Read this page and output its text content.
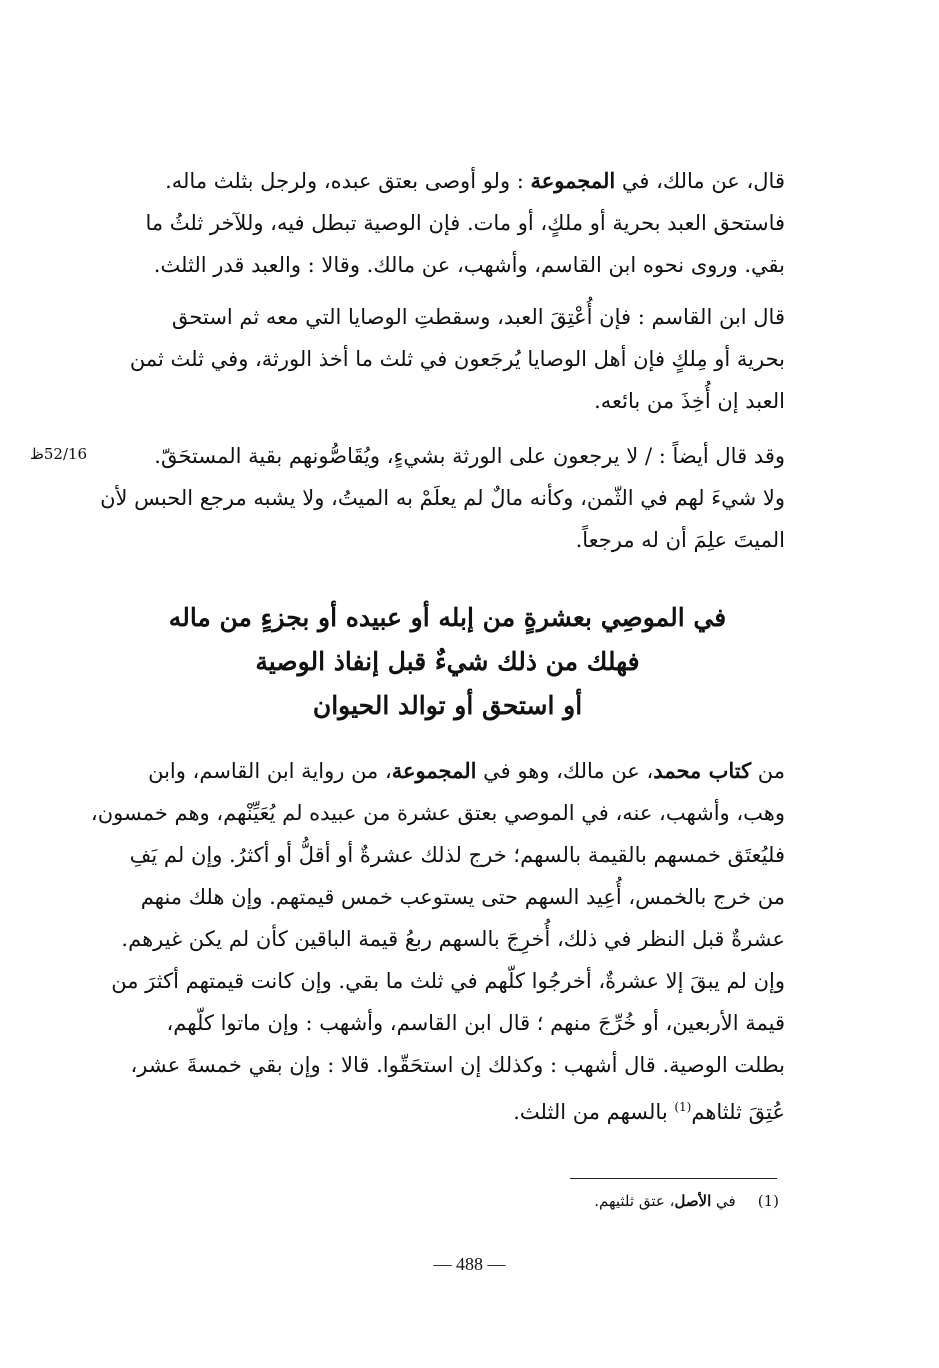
قال، عن مالك، في المجموعة : ولو أوصى بعتق عبده، ولرجل بثلث ماله.
فاستحق العبد بحرية أو ملكٍ، أو مات. فإن الوصية تبطل فيه، وللآخر ثلثُ ما
بقي. وروى نحوه ابن القاسم، وأشهب، عن مالك. وقالا : والعبد قدر الثلث.

قال ابن القاسم : فإن أُعْتِقَ العبد، وسقطتِ الوصايا التي معه ثم استحق
بحرية أو مِلكٍ فإن أهل الوصايا يُرجَعون في ثلث ما أخذ الورثة، وفي ثلث ثمن
العبد إن أُخِذَ من بائعه.

52/16ظ	وقد قال أيضاً : / لا يرجعون على الورثة بشيءٍ، ويُقَاصُّونهم بقية المستحَقّ.
ولا شيءَ لهم في الثّمن، وكأنه مالٌ لم يعلَمْ به الميتُ، ولا يشبه مرجع الحبس لأن
الميتَ علِمَ أن له مرجعاً.

في الموصِي بعشرةٍ من إبله أو عبيده أو بجزءٍ من ماله
فهلك من ذلك شيءٌ قبل إنفاذ الوصية
أو استحق أو توالد الحيوان

من كتاب محمد، عن مالك، وهو في المجموعة، من رواية ابن القاسم، وابن
وهب، وأشهب، عنه، في الموصي بعتق عشرة من عبيده لم يُعَيِّنْهم، وهم خمسون،
فليُعتَق خمسهم بالقيمة بالسهم؛ خرج لذلك عشرةٌ أو أقلُّ أو أكثرُ. وإن لم يَفِ
من خرج بالخمس، أُعِيد السهم حتى يستوعب خمس قيمتهم. وإن هلك منهم
عشرةٌ قبل النظر في ذلك، أُخرِجَ بالسهم ربعُ قيمة الباقين كأن لم يكن غيرهم.
وإن لم يبقَ إلا عشرةٌ، أخرجُوا كلّهم في ثلث ما بقي. وإن كانت قيمتهم أكثرَ من
قيمة الأربعين، أو خُرِّجَ منهم ؛ قال ابن القاسم، وأشهب : وإن ماتوا كلّهم،
بطلت الوصية. قال أشهب : وكذلك إن استحَقّوا. قالا : وإن بقي خمسةَ عشر،
عُتِقَ ثلثاهم$^{(1)}$ بالسهم من الثلث.

(1)في الأصل، عتق ثلثيهم.
— 488 —
